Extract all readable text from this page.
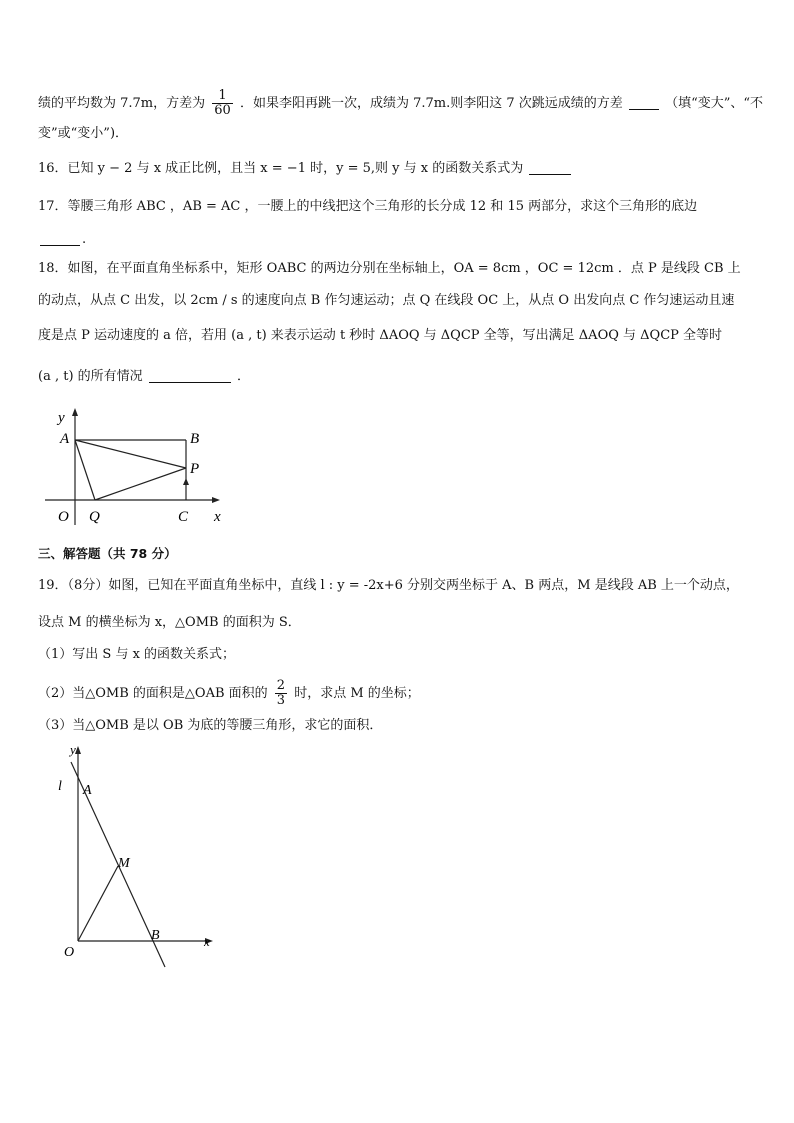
绩的平均数为 7.7m，方差为 $\frac{1}{60}$ ．如果李阳再跳一次，成绩为 7.7m.则李阳这 7 次跳远成绩的方差	（填“变大”、“不
变”或“变小”)．
16．已知 y − 2 与 x 成正比例，且当 x = −1 时，y = 5,则 y 与 x 的函数关系式为
17．等腰三角形 ABC ，AB = AC ，一腰上的中线把这个三角形的长分成 12 和 15 两部分，求这个三角形的底边
.
18．如图，在平面直角坐标系中，矩形 OABC 的两边分别在坐标轴上，OA = 8cm ，OC = 12cm ．点 P 是线段 CB 上
的动点，从点 C 出发，以 2cm / s 的速度向点 B 作匀速运动；点 Q 在线段 OC 上，从点 O 出发向点 C 作匀速运动且速
度是点 P 运动速度的 a 倍，若用 (a , t) 来表示运动 t 秒时 ΔAOQ 与 ΔQCP 全等，写出满足 ΔAOQ 与 ΔQCP 全等时
(a , t) 的所有情况	．
y
A	B
P
O Q	C x
三、解答题（共 78 分）
19．（8分）如图，已知在平面直角坐标中，直线 l : y = -2x+6 分别交两坐标于 A、B 两点，M 是线段 AB 上一个动点，
设点 M 的横坐标为 x，△OMB 的面积为 S．
（1）写出 S 与 x 的函数关系式；
（2）当△OMB 的面积是△OAB 面积的 $\frac{2}{3}$ 时，求点 M 的坐标；
（3）当△OMB 是以 OB 为底的等腰三角形，求它的面积．
y
l A
M
B
O
x
